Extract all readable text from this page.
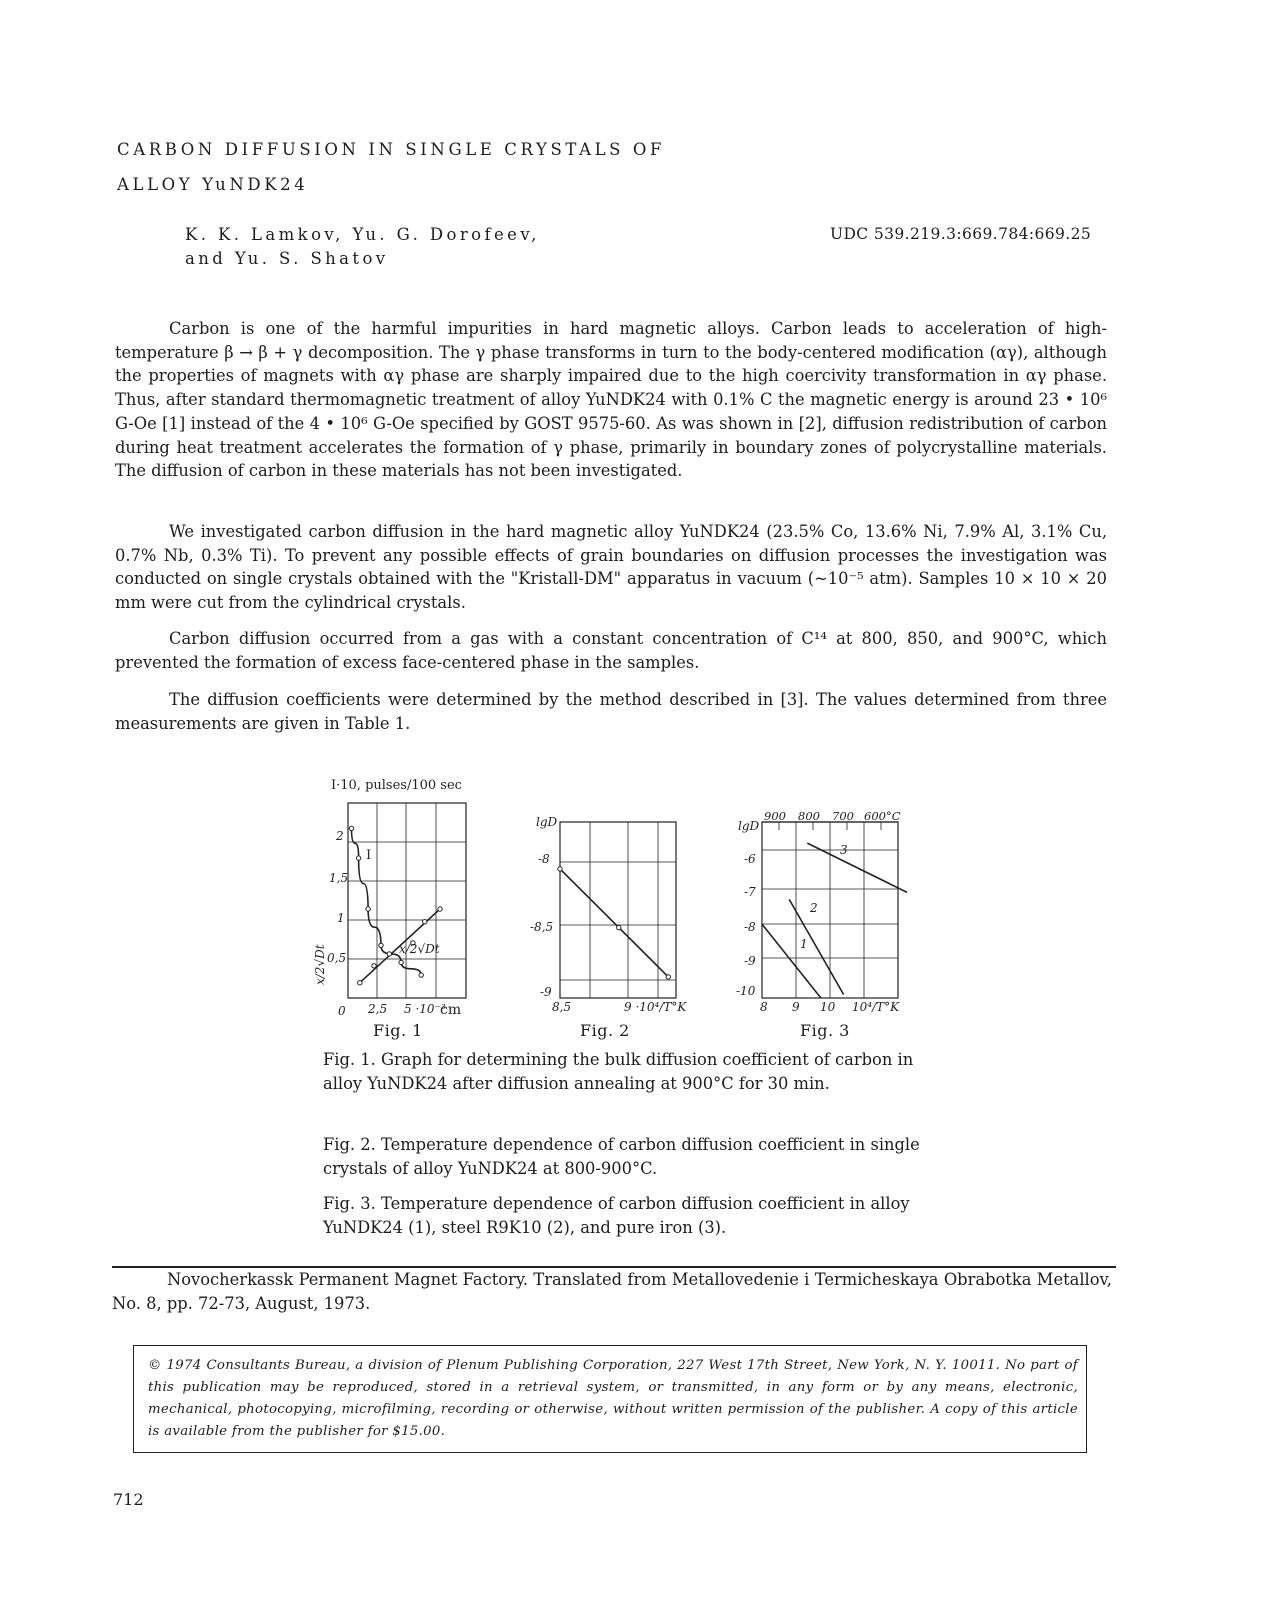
CARBON DIFFUSION IN SINGLE CRYSTALS OF
ALLOY YuNDK24
K. K. Lamkov, Yu. G. Dorofeev,
and Yu. S. Shatov
UDC 539.219.3:669.784:669.25

Carbon is one of the harmful impurities in hard magnetic alloys. Carbon leads to acceleration of high-temperature β → β + γ decomposition. The γ phase transforms in turn to the body-centered modification (αγ), although the properties of magnets with αγ phase are sharply impaired due to the high coercivity transformation in αγ phase. Thus, after standard thermomagnetic treatment of alloy YuNDK24 with 0.1% C the magnetic energy is around 23 • 10⁶ G-Oe [1] instead of the 4 • 10⁶ G-Oe specified by GOST 9575-60. As was shown in [2], diffusion redistribution of carbon during heat treatment accelerates the formation of γ phase, primarily in boundary zones of polycrystalline materials. The diffusion of carbon in these materials has not been investigated.

We investigated carbon diffusion in the hard magnetic alloy YuNDK24 (23.5% Co, 13.6% Ni, 7.9% Al, 3.1% Cu, 0.7% Nb, 0.3% Ti). To prevent any possible effects of grain boundaries on diffusion processes the investigation was conducted on single crystals obtained with the "Kristall-DM" apparatus in vacuum (~10⁻⁵ atm). Samples 10 × 10 × 20 mm were cut from the cylindrical crystals.

Carbon diffusion occurred from a gas with a constant concentration of C¹⁴ at 800, 850, and 900°C, which prevented the formation of excess face-centered phase in the samples.

The diffusion coefficients were determined by the method described in [3]. The values determined from three measurements are given in Table 1.

I·10, pulses/100 sec
2
1,5
1
0,5
I
x/2√Dt
x/2√Dt
0 2,5 5 ·10⁻³
cm
Fig. 1
lgD
-8
-8,5
-9
8,5	9 ·10⁴/T°K
Fig. 2
900 800 700 600°C
1
2
3
lgD
-6
-7
-8
-9
-10
8 9 10 10⁴/T°K
Fig. 3

Fig. 1. Graph for determining the bulk diffusion coefficient of carbon in alloy YuNDK24 after diffusion annealing at 900°C for 30 min.

Fig. 2. Temperature dependence of carbon diffusion coefficient in single crystals of alloy YuNDK24 at 800-900°C.

Fig. 3. Temperature dependence of carbon diffusion coefficient in alloy YuNDK24 (1), steel R9K10 (2), and pure iron (3).

Novocherkassk Permanent Magnet Factory. Translated from Metallovedenie i Termicheskaya Obrabotka Metallov, No. 8, pp. 72-73, August, 1973.
© 1974 Consultants Bureau, a division of Plenum Publishing Corporation, 227 West 17th Street, New York, N. Y. 10011. No part of this publication may be reproduced, stored in a retrieval system, or transmitted, in any form or by any means, electronic, mechanical, photocopying, microfilming, recording or otherwise, without written permission of the publisher. A copy of this article is available from the publisher for $15.00.
712
